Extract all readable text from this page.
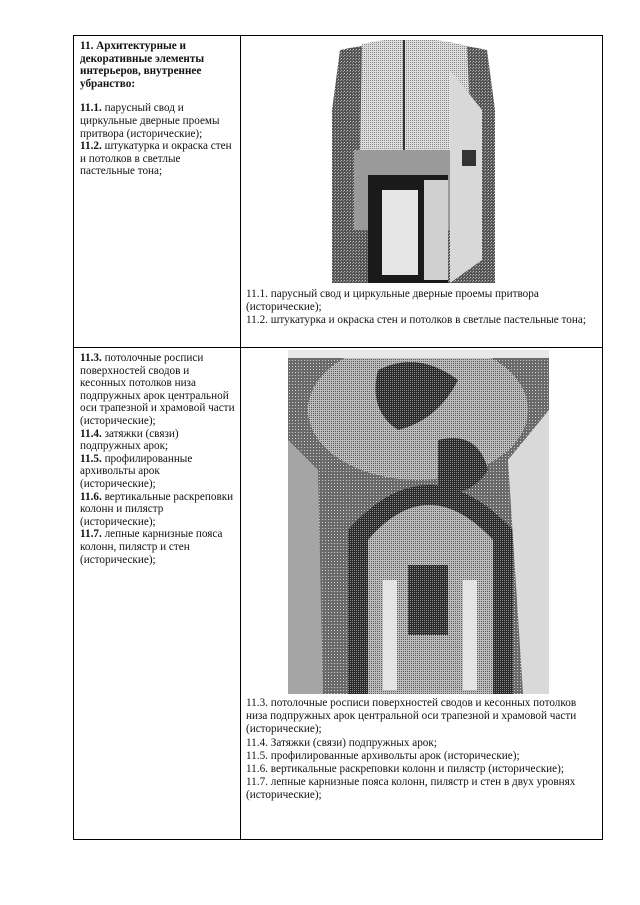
11. Архитектурные и декоративные элементы интерьеров, внутреннее убранство:

11.1. парусный свод и циркульные дверные проемы притвора (исторические);

11.2. штукатурка и окраска стен и потолков в светлые пастельные тона;

11.1. парусный свод и циркульные дверные проемы притвора (исторические);

11.2. штукатурка и окраска стен и потолков в светлые пастельные тона;

11.3. потолочные росписи поверхностей сводов и кесонных потолков низа подпружных арок центральной оси трапезной и храмовой части (исторические);

11.4. затяжки (связи) подпружных арок;

11.5. профилированные архивольты арок (исторические);

11.6. вертикальные раскреповки колонн и пилястр (исторические);

11.7. лепные карнизные пояса колонн, пилястр и стен (исторические);

11.3. потолочные росписи поверхностей сводов и кесонных потолков низа подпружных арок центральной оси трапезной и храмовой части (исторические);

11.4. Затяжки (связи) подпружных арок;

11.5. профилированные архивольты арок (исторические);

11.6. вертикальные раскреповки колонн и пилястр (исторические);

11.7. лепные карнизные пояса колонн, пилястр и стен в двух уровнях (исторические);
